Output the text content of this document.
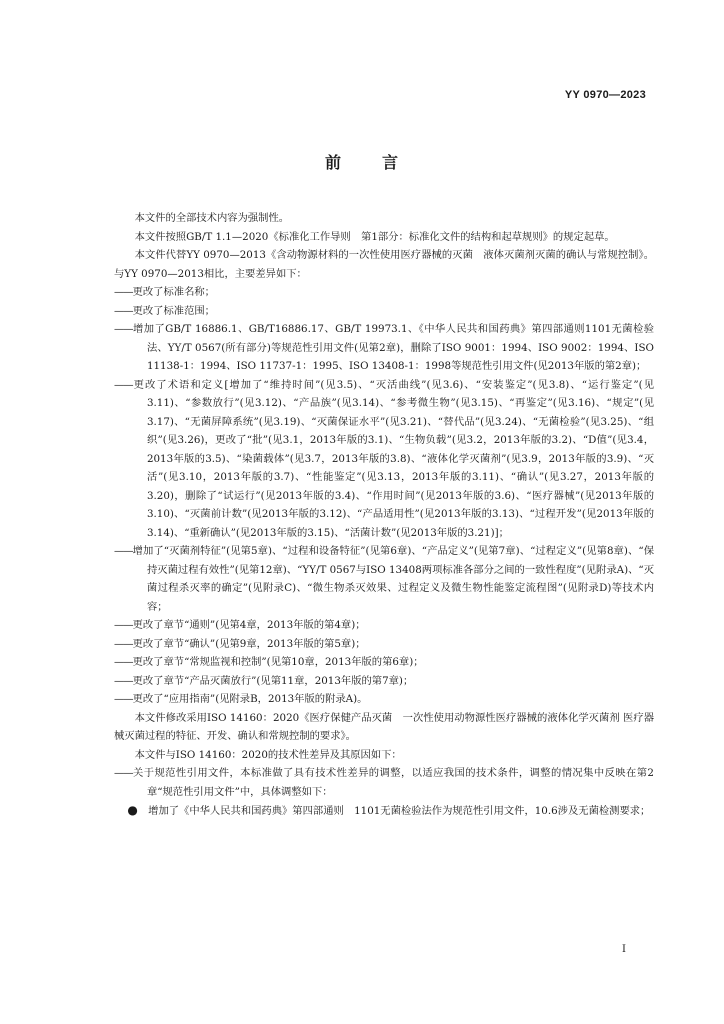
YY 0970—2023
前	言

本文件的全部技术内容为强制性。

本文件按照GB/T 1.1—2020《标准化工作导则　第1部分：标准化文件的结构和起草规则》的规定起草。

本文件代替YY 0970—2013《含动物源材料的一次性使用医疗器械的灭菌　液体灭菌剂灭菌的确认与常规控制》。与YY 0970—2013相比，主要差异如下：

——更改了标准名称；

——更改了标准范围；

——增加了GB/T 16886.1、GB/T16886.17、GB/T 19973.1、《中华人民共和国药典》第四部通则1101无菌检验法、YY/T 0567(所有部分)等规范性引用文件(见第2章)，删除了ISO 9001：1994、ISO 9002：1994、ISO 11138-1：1994、ISO 11737-1：1995、ISO 13408-1：1998等规范性引用文件(见2013年版的第2章)；

——更改了术语和定义[增加了“维持时间”(见3.5)、“灭活曲线”(见3.6)、“安装鉴定”(见3.8)、“运行鉴定”(见3.11)、“参数放行”(见3.12)、“产品族”(见3.14)、“参考微生物”(见3.15)、“再鉴定”(见3.16)、“规定”(见3.17)、“无菌屏障系统”(见3.19)、“灭菌保证水平”(见3.21)、“替代品”(见3.24)、“无菌检验”(见3.25)、“组织”(见3.26)，更改了“批”(见3.1，2013年版的3.1)、“生物负载”(见3.2，2013年版的3.2)、“D值”(见3.4，2013年版的3.5)、“染菌载体”(见3.7，2013年版的3.8)、“液体化学灭菌剂”(见3.9，2013年版的3.9)、“灭活”(见3.10，2013年版的3.7)、“性能鉴定”(见3.13，2013年版的3.11)、“确认”(见3.27，2013年版的3.20)，删除了“试运行”(见2013年版的3.4)、“作用时间”(见2013年版的3.6)、“医疗器械”(见2013年版的3.10)、“灭菌前计数”(见2013年版的3.12)、“产品适用性”(见2013年版的3.13)、“过程开发”(见2013年版的3.14)、“重新确认”(见2013年版的3.15)、“活菌计数”(见2013年版的3.21)]；

——增加了“灭菌剂特征”(见第5章)、“过程和设备特征”(见第6章)、“产品定义”(见第7章)、“过程定义”(见第8章)、“保持灭菌过程有效性”(见第12章)、“YY/T 0567与ISO 13408两项标准各部分之间的一致性程度”(见附录A)、“灭菌过程杀灭率的确定”(见附录C)、“微生物杀灭效果、过程定义及微生物性能鉴定流程图”(见附录D)等技术内容；

——更改了章节“通则”(见第4章，2013年版的第4章)；

——更改了章节“确认”(见第9章，2013年版的第5章)；

——更改了章节“常规监视和控制”(见第10章，2013年版的第6章)；

——更改了章节“产品灭菌放行”(见第11章，2013年版的第7章)；

——更改了“应用指南”(见附录B，2013年版的附录A)。

本文件修改采用ISO 14160：2020《医疗保健产品灭菌　一次性使用动物源性医疗器械的液体化学灭菌剂 医疗器械灭菌过程的特征、开发、确认和常规控制的要求》。

本文件与ISO 14160：2020的技术性差异及其原因如下：

——关于规范性引用文件，本标准做了具有技术性差异的调整，以适应我国的技术条件，调整的情况集中反映在第2章“规范性引用文件”中，具体调整如下：

●　 增加了《中华人民共和国药典》第四部通则　1101无菌检验法作为规范性引用文件，10.6涉及无菌检测要求；

I
